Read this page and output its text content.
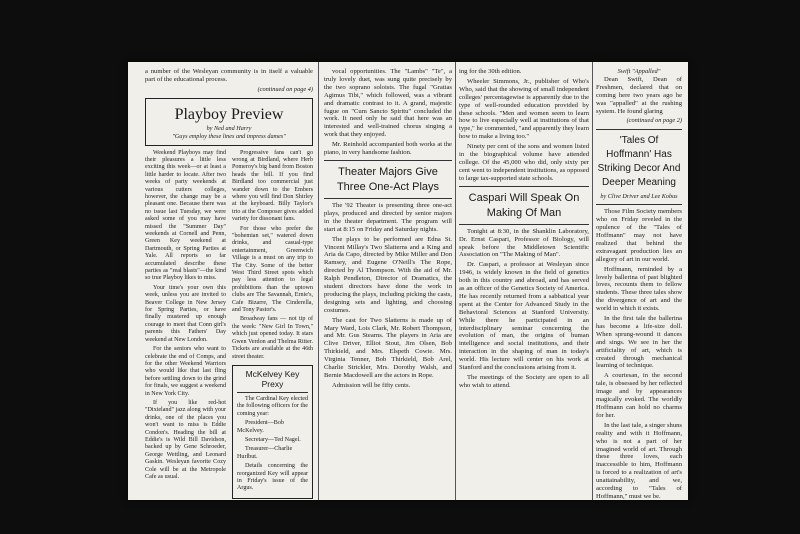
a number of the Wesleyan community is in itself a valuable part of the educational process.

(continued on page 4)
Playboy Preview
by Ned and Harry
"Guys employ these lines and impress dames"

Weekend Playboys may find their pleasures a little less exciting this week—or at least a little harder to locate. After two weeks of party weekends at various cutters colleges, however, the change may be a pleasant one. Because there was no issue last Tuesday, we were asked some of you may have missed the "Summer Day" weekends at Cornell and Penn, Green Key weekend at Dartmouth, or Spring Parties at Yale. All reports so far accumulated describe these parties as "real blasts"—the kind so true Playboy likes to miss.

Your time's your own this week, unless you are invited to Beaver College in New Jersey for Spring Parties, or have finally mustered up enough courage to meet that Conn girl's parents this Fathers' Day weekend at New London.

For the seniors who want to celebrate the end of Comps, and for the other Weekend Warriors who would like that last fling before settling down to the grind for finals, we suggest a weekend in New York City.

If you like red-hot "Dixieland" jazz along with your drinks, one of the places you won't want to miss is Eddie Condon's. Heading the bill at Eddie's is Wild Bill Davidson, backed up by Gene Schroeder, George Wettling, and Leonard Gaskin. Wesleyan favorite Cozy Cole will be at the Metropole Cafe as usual.

Progressive fans can't go wrong at Birdland, where Herb Pomeroy's big band from Boston heads the bill. If you find Birdland too commercial just wander down to the Embers where you will find Don Shirley at the keyboard. Billy Taylor's trio at the Composer gives added variety for dissonant fans.

For those who prefer the "bohemian set," watered down drinks, and casual-type entertainment, Greenwich Village is a must on any trip to The City. Some of the better West Third Street spots which pay less attention to legal prohibitions than the uptown clubs are The Savannah, Ernie's, Cafe Bizarre, The Cinderella, and Tony Pastor's.

Broadway fans — not tip of the week: "New Girl In Town," which just opened today. It stars Gwen Verdon and Thelma Ritter. Tickets are available at the 46th street theater.

McKelvey Key Prexy

The Cardinal Key elected the following officers for the coming year:

President—Bob McKelvey.

Secretary—Ted Nagel.

Treasurer—Charlie Hurlbut.

Details concerning the reorganized Key will appear in Friday's issue of the Argus.

vocal opportunities. The "Lambs" "Te", a truly lovely duet, was sung quite precisely by the two soprano soloists. The fugal "Gratias Agimus Tibi," which followed, was a vibrant and dramatic contrast to it. A grand, majestic fugue on "Cum Sancto Spiritu" concluded the work. It need only be said that here was an interested and well-trained chorus singing a work that they enjoyed.

Mr. Reinhold accompanied both works at the piano, in very handsome fashion.

Theater Majors Give Three One-Act Plays

The '92 Theater is presenting three one-act plays, produced and directed by senior majors in the theater department. The program will start at 8:15 on Friday and Saturday nights.

The plays to be performed are Edna St. Vincent Millay's Two Slatterns and a King and Aria da Capo, directed by Mike Miller and Don Ramsey, and Eugene O'Neill's The Rope, directed by Al Thompson. With the aid of Mr. Ralph Pendleton, Director of Dramatics, the student directors have done the work in producing the plays, including picking the casts, designing sets and lighting, and choosing costumes.

The cast for Two Slatterns is made up of Mary Ward, Lois Clark, Mr. Robert Thompson, and Mr. Gus Stearns. The players in Aria are Clive Driver, Elliot Stout, Jim Olsen, Bob Thirkield, and Mrs. Elspeth Cowie. Mrs. Virginia Tenner, Bob Thirkield, Bob Arel, Charlie Strickler, Mrs. Dorothy Walsh, and Bernie Macdowell are the actors in Rope.

Admission will be fifty cents.

ing for the 30th edition.

Wheeler Simmons, Jr., publisher of Who's Who, said that the showing of small independent colleges' percentagewise is apparently due to the type of well-rounded education provided by these schools. "Men and women seem to learn how to live especially well at institutions of that type," he commented, "and apparently they learn how to make a living too."

Ninety per cent of the sons and women listed in the biographical volume have attended college. Of the 45,000 who did, only sixty per cent went to independent institutions, as opposed to large tax-supported state schools.

Caspari Will Speak On Making Of Man

Tonight at 8:30, in the Shanklin Laboratory, Dr. Ernst Caspari, Professor of Biology, will speak before the Middletown Scientific Association on "The Making of Man".

Dr. Caspari, a professor at Wesleyan since 1946, is widely known in the field of genetics both in this country and abroad, and has served as an officer of the Genetics Society of America. He has recently returned from a sabbatical year spent at the Center for Advanced Study in the Behavioral Sciences at Stanford University. While there he participated in an interdisciplinary seminar concerning the evolution of man, the origins of human intelligence and social institutions, and their interaction in the shaping of man in today's world. His lecture will center on his work at Stanford and the conclusions arising from it.

The meetings of the Society are open to all who wish to attend.

Swift "Appalled"

Dean Swift, Dean of Freshmen, declared that on coming here two years ago he was "appalled" at the rushing system. He found glaring

(continued on page 2)
'Tales Of Hoffmann' Has Striking Decor And Deeper Meaning
by Clive Driver and Lee Kobus

Those Film Society members who on Friday reveled in the opulence of the "Tales of Hoffmann" may not have realized that behind the extravagant production lies an allegory of art in our world.

Hoffmann, reminded by a lovely ballerina of past blighted loves, recounts them to fellow students. These three tales show the divergence of art and the world in which it exists.

In the first tale the ballerina has become a life-size doll. When sprung-wound it dances and sings. We see in her the artificiality of art, which is created through mechanical learning of technique.

A courtesan, in the second tale, is obsessed by her reflected image and by appearances magically evoked. The worldly Hoffmann can hold no charms for her.

In the last tale, a singer shuns reality and with it Hoffmann, who is not a part of her imagined world of art. Through these three loves, each inaccessible to him, Hoffmann is forced to a realization of art's unattainability, and we, according to "Tales of Hoffmann," must we be.
